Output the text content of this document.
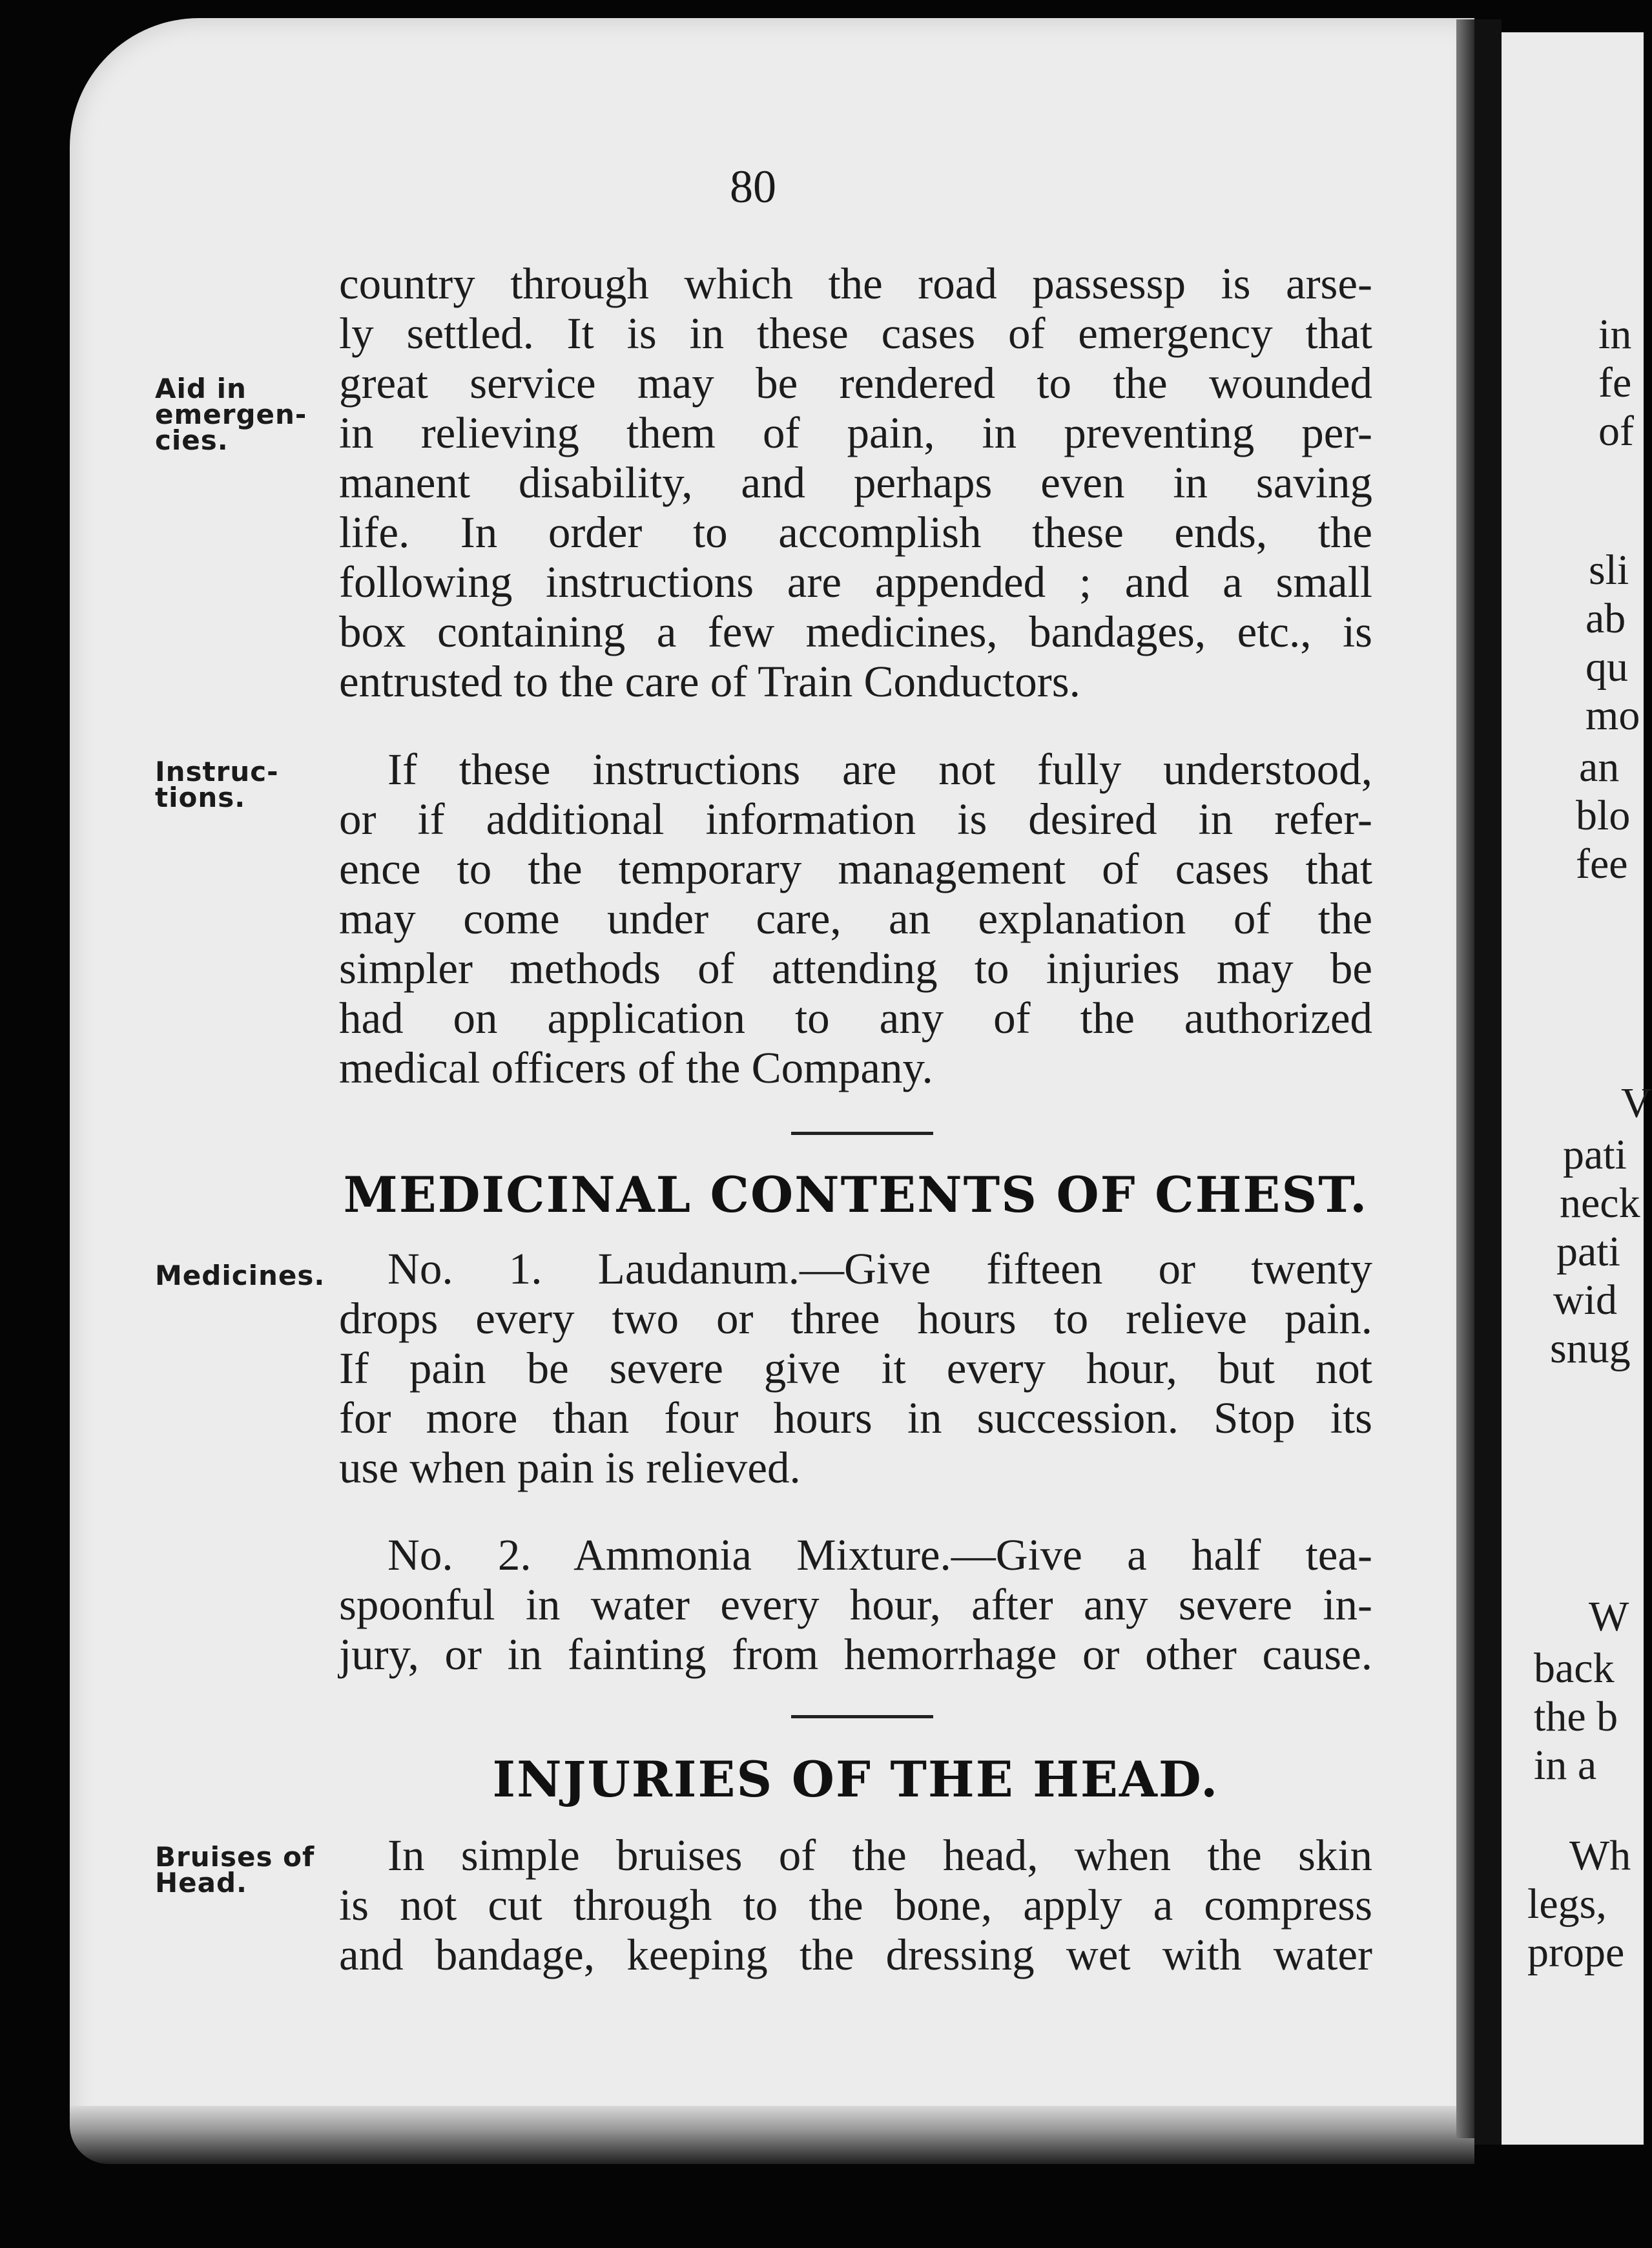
80
country through which the road passessp is arse-
ly settled. It is in these cases of emergency that
great service may be rendered to the wounded
in relieving them of pain, in preventing per-
manent disability, and perhaps even in saving
life. In order to accomplish these ends, the
following instructions are appended ; and a small
box containing a few medicines, bandages, etc., is
entrusted to the care of Train Conductors.
If these instructions are not fully understood,
or if additional information is desired in refer-
ence to the temporary management of cases that
may come under care, an explanation of the
simpler methods of attending to injuries may be
had on application to any of the authorized
medical officers of the Company.
MEDICINAL CONTENTS OF CHEST.
No. 1. Laudanum.—Give fifteen or twenty
drops every two or three hours to relieve pain.
If pain be severe give it every hour, but not
for more than four hours in succession. Stop its
use when pain is relieved.
No. 2. Ammonia Mixture.—Give a half tea-
spoonful in water every hour, after any severe in-
jury, or in fainting from hemorrhage or other cause.
INJURIES OF THE HEAD.
In simple bruises of the head, when the skin
is not cut through to the bone, apply a compress
and bandage, keeping the dressing wet with water
Aid in
emergen-
cies.
Instruc-
tions.
Medicines.
Bruises of
Head.
in
fe
of
sli
ab
qu
mo
an
blo
fee
V
pati
neck
pati
wid
snug
W
back
the b
in a
Wh
legs,
prope
